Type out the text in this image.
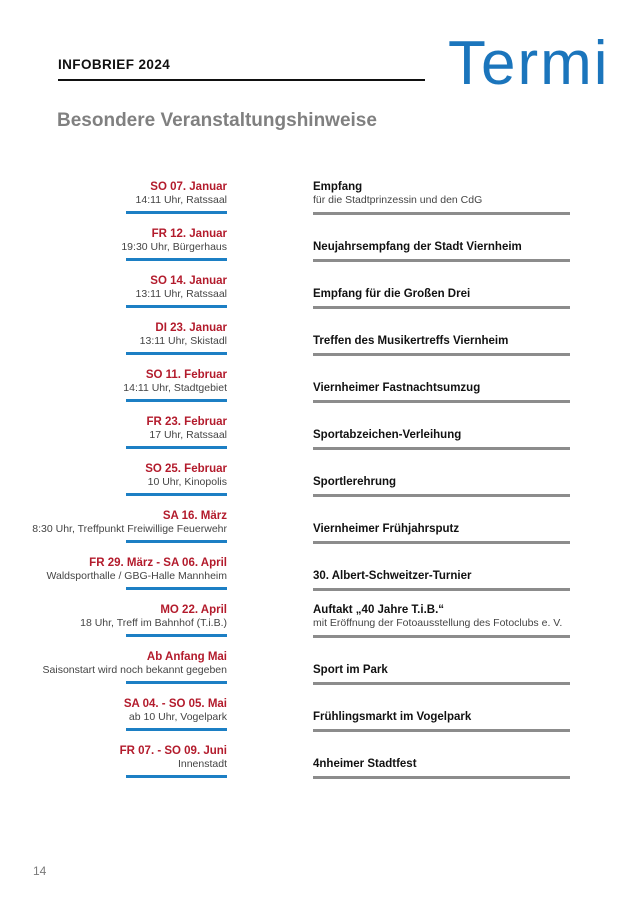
INFOBRIEF 2024	Termi
Besondere Veranstaltungshinweise
SO 07. Januar
14:11 Uhr, Ratssaal
Empfang
für die Stadtprinzessin und den CdG
FR 12. Januar
19:30 Uhr, Bürgerhaus	Neujahrsempfang der Stadt Viernheim
SO 14. Januar
13:11 Uhr, Ratssaal	Empfang für die Großen Drei
DI 23. Januar
13:11 Uhr, Skistadl	Treffen des Musikertreffs Viernheim
SO 11. Februar
14:11 Uhr, Stadtgebiet	Viernheimer Fastnachtsumzug
FR 23. Februar
17 Uhr, Ratssaal	Sportabzeichen-Verleihung
SO 25. Februar
10 Uhr, Kinopolis	Sportlerehrung
SA 16. März
8:30 Uhr, Treffpunkt Freiwillige Feuerwehr	Viernheimer Frühjahrsputz
FR 29. März - SA 06. April
Waldsporthalle / GBG-Halle Mannheim	30. Albert-Schweitzer-Turnier
MO 22. April
18 Uhr, Treff im Bahnhof (T.i.B.)
Auftakt „40 Jahre T.i.B.“
mit Eröffnung der Fotoausstellung des Fotoclubs e. V.
Ab Anfang Mai
Saisonstart wird noch bekannt gegeben	Sport im Park
SA 04. - SO 05. Mai
ab 10 Uhr, Vogelpark	Frühlingsmarkt im Vogelpark
FR 07. - SO 09. Juni
Innenstadt	4nheimer Stadtfest
14
